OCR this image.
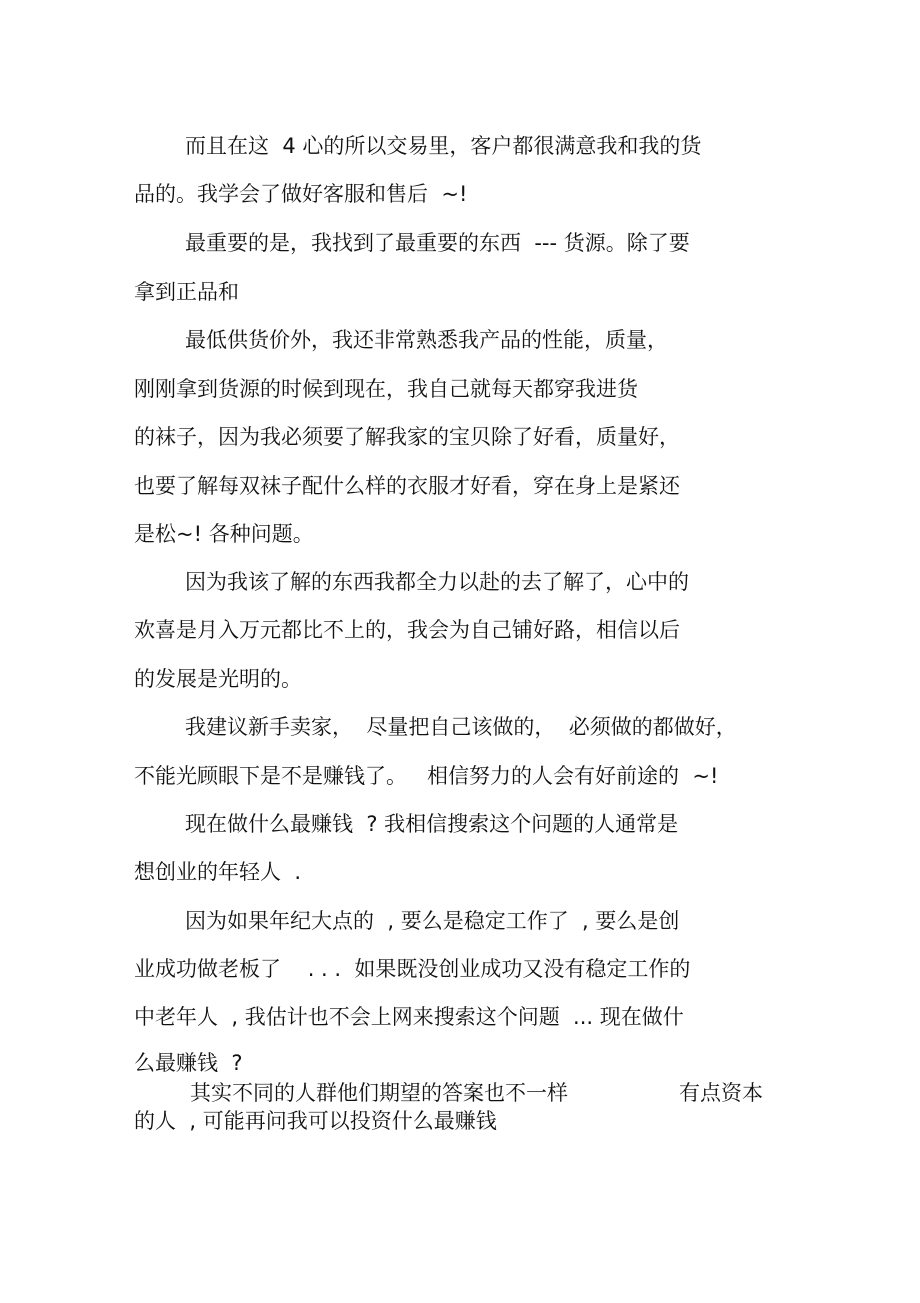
而且在这  4 心的所以交易里，客户都很满意我和我的货

品的。我学会了做好客服和售后  ~!

最重要的是，我找到了最重要的东西  --- 货源。除了要

拿到正品和

最低供货价外，我还非常熟悉我产品的性能，质量，

刚刚拿到货源的时候到现在，我自己就每天都穿我进货

的袜子，因为我必须要了解我家的宝贝除了好看，质量好，

也要了解每双袜子配什么样的衣服才好看，穿在身上是紧还

是松~! 各种问题。

因为我该了解的东西我都全力以赴的去了解了，心中的

欢喜是月入万元都比不上的，我会为自己铺好路，相信以后

的发展是光明的。

我建议新手卖家，  尽量把自己该做的，  必须做的都做好，

不能光顾眼下是不是赚钱了。   相信努力的人会有好前途的  ~!

现在做什么最赚钱  ? 我相信搜索这个问题的人通常是

想创业的年轻人  .

因为如果年纪大点的  , 要么是稳定工作了  , 要么是创

业成功做老板了    . . .  如果既没创业成功又没有稳定工作的

中老年人  , 我估计也不会上网来搜索这个问题  ... 现在做什

么最赚钱  ?

其实不同的人群他们期望的答案也不一样	有点资本

的人  , 可能再问我可以投资什么最赚钱
